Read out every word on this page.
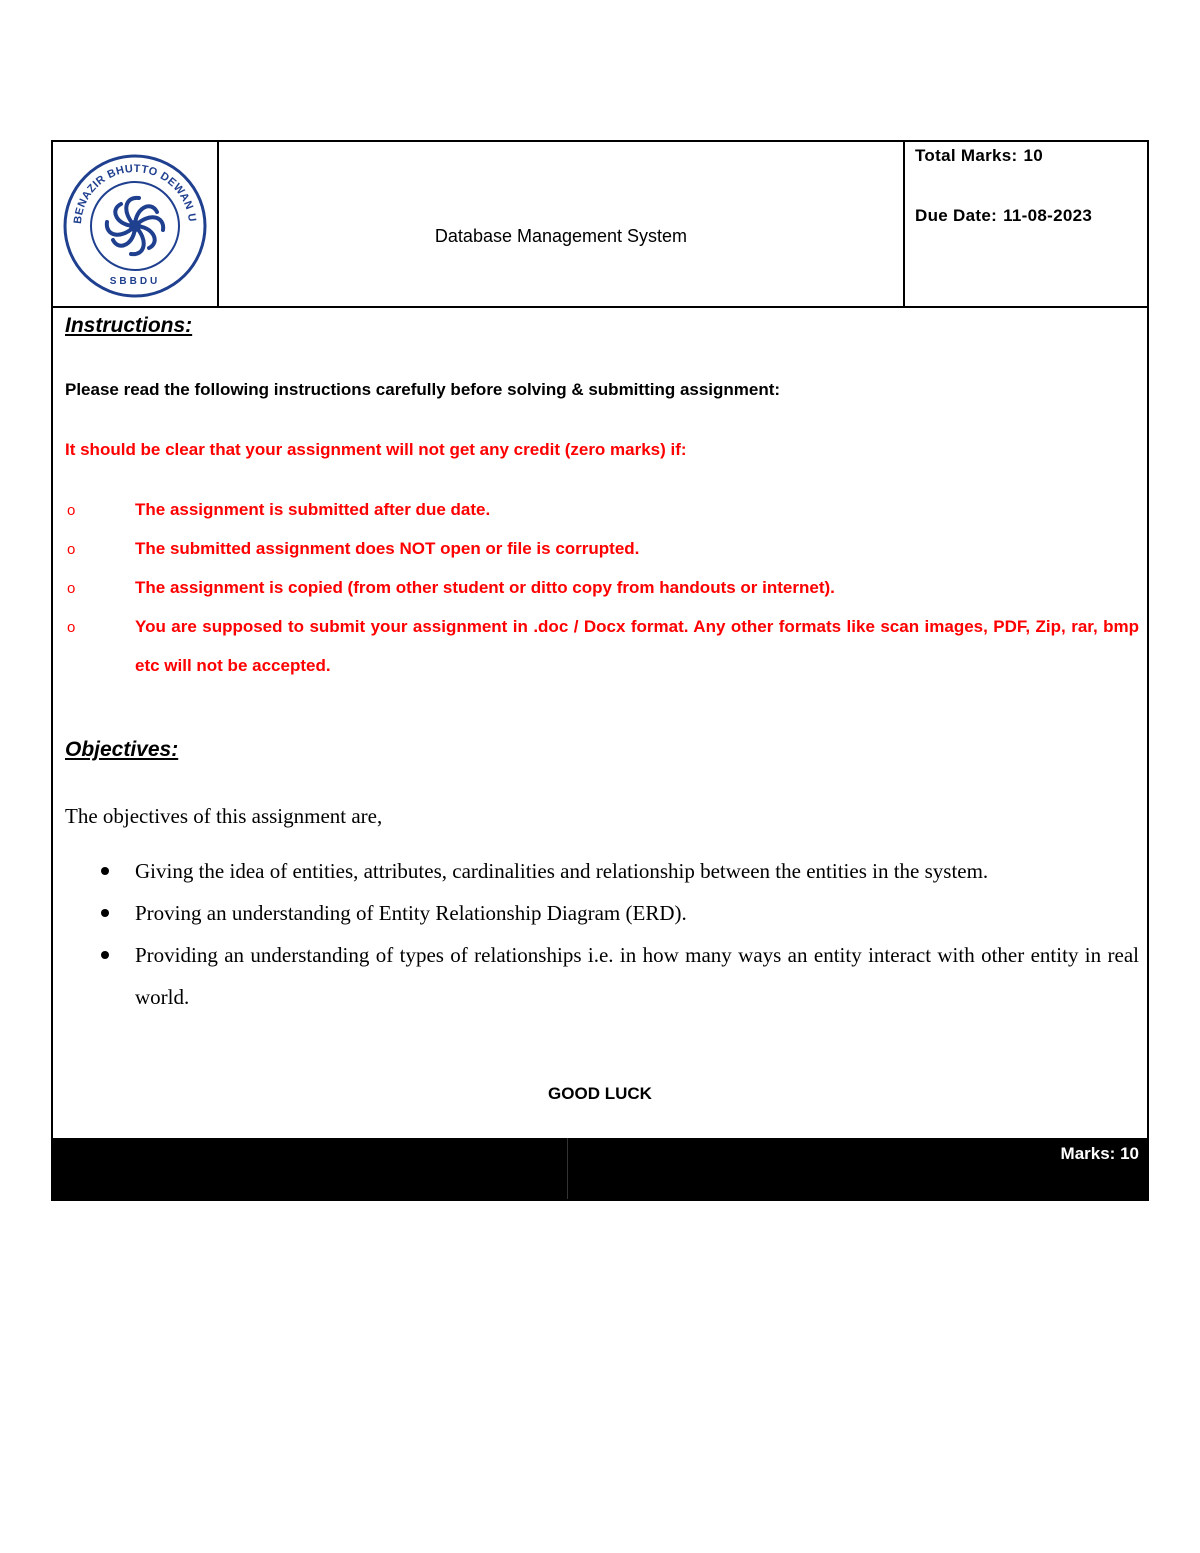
BENAZIR BHUTTO DEWAN U
SBBDU
Database Management System
Total Marks: 10
Due Date: 11-08-2023
Instructions:
Please read the following instructions carefully before solving & submitting assignment:
It should be clear that your assignment will not get any credit (zero marks) if:
o	The assignment is submitted after due date.
o	The submitted assignment does NOT open or file is corrupted.
o	The assignment is copied (from other student or ditto copy from handouts or internet).
o	You are supposed to submit your assignment in .doc / Docx format. Any other formats like scan images, PDF, Zip, rar, bmp etc will not be accepted.
Objectives:
The objectives of this assignment are,
Giving the idea of entities, attributes, cardinalities and relationship between the entities in the system.
Proving an understanding of Entity Relationship Diagram (ERD).
Providing an understanding of types of relationships i.e. in how many ways an entity interact with other entity in real world.
GOOD LUCK
Marks: 10
